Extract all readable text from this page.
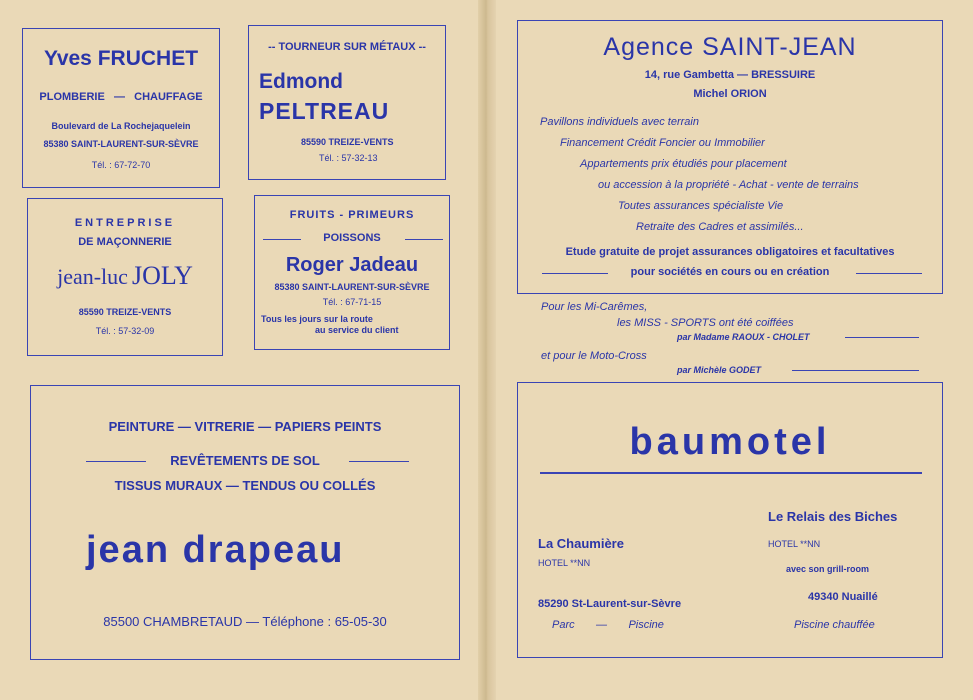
Yves FRUCHET
PLOMBERIE — CHAUFFAGE
Boulevard de La Rochejaquelein
85380 SAINT-LAURENT-SUR-SÈVRE
Tél. : 67-72-70
-- TOURNEUR SUR MÉTAUX --
Edmond
PELTREAU
85590 TREIZE-VENTS
Tél. : 57-32-13
ENTREPRISE
DE MAÇONNERIE
jean-luc JOLY
85590 TREIZE-VENTS
Tél. : 57-32-09
FRUITS - PRIMEURS
POISSONS
Roger Jadeau
85380 SAINT-LAURENT-SUR-SÈVRE
Tél. : 67-71-15
Tous les jours sur la route
au service du client
PEINTURE — VITRERIE — PAPIERS PEINTS
REVÊTEMENTS DE SOL
TISSUS MURAUX — TENDUS OU COLLÉS
jean drapeau
85500 CHAMBRETAUD — Téléphone : 65-05-30
Agence SAINT-JEAN
14, rue Gambetta — BRESSUIRE
Michel ORION
Pavillons individuels avec terrain
Financement Crédit Foncier ou Immobilier
Appartements prix étudiés pour placement
ou accession à la propriété - Achat - vente de terrains
Toutes assurances spécialiste Vie
Retraite des Cadres et assimilés...
Etude gratuite de projet assurances obligatoires et facultatives
pour sociétés en cours ou en création
Pour les Mi-Carêmes,
les MISS - SPORTS ont été coiffées
par Madame RAOUX - CHOLET
et pour le Moto-Cross
par Michèle GODET
baumotel
Le Relais des Biches
HOTEL **NN
avec son grill-room
49340 Nuaillé
Piscine chauffée
La Chaumière
HOTEL **NN
85290 St-Laurent-sur-Sèvre
Parc — Piscine
